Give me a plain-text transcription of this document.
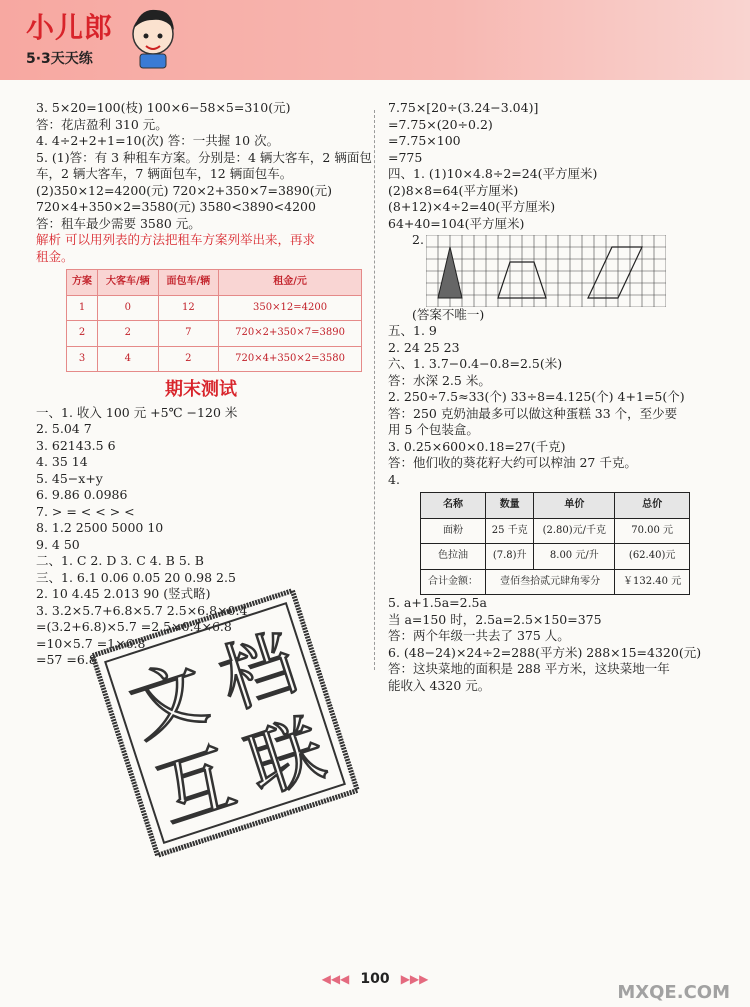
小儿郎
5·3天天练
3. 5×20=100(枝) 100×6−58×5=310(元)
答：花店盈利 310 元。
4. 4÷2+2+1=10(次) 答：一共握 10 次。
5. (1)答：有 3 种租车方案。分别是：4 辆大客车，2 辆面包
车，2 辆大客车，7 辆面包车，12 辆面包车。
(2)350×12=4200(元) 720×2+350×7=3890(元)
720×4+350×2=3580(元) 3580<3890<4200
答：租车最少需要 3580 元。
解析 可以用列表的方法把租车方案列举出来，再求
租金。
方案	大客车/辆	面包车/辆	租金/元
1	0	12	350×12=4200
2	2	7	720×2+350×7=3890
3	4	2	720×4+350×2=3580
期末测试
一、1. 收入 100 元 +5℃ −120 米
2. 5.04 7
3. 62143.5 6
4. 35 14
5. 45−x+y
6. 9.86 0.0986
7. > = < < > <
8. 1.2 2500 5000 10
9. 4 50
二、1. C 2. D 3. C 4. B 5. B
三、1. 6.1 0.06 0.05 20 0.98 2.5
2. 10 4.45 2.013 90 (竖式略)
3. 3.2×5.7+6.8×5.7 2.5×6.8×0.4
=(3.2+6.8)×5.7 =2.5×0.4×6.8
=10×5.7 =1×6.8
=57 =6.8
7.75×[20÷(3.24−3.04)]
=7.75×(20÷0.2)
=7.75×100
=775
四、1. (1)10×4.8÷2=24(平方厘米)
(2)8×8=64(平方厘米)
(8+12)×4÷2=40(平方厘米)
64+40=104(平方厘米)
2.
(答案不唯一)
五、1. 9
2. 24 25 23
六、1. 3.7−0.4−0.8=2.5(米)
答：水深 2.5 米。
2. 250÷7.5≈33(个) 33÷8=4.125(个) 4+1=5(个)
答：250 克奶油最多可以做这种蛋糕 33 个，至少要
用 5 个包装盒。
3. 0.25×600×0.18=27(千克)
答：他们收的葵花籽大约可以榨油 27 千克。
4.
名称	数量	单价	总价
面粉	25 千克	(2.80)元/千克	70.00 元
色拉油	(7.8)升	8.00 元/升	(62.40)元
合计金额：	壹佰叁拾贰元肆角零分		￥132.40 元
5. a+1.5a=2.5a
当 a=150 时，2.5a=2.5×150=375
答：两个年级一共去了 375 人。
6. (48−24)×24÷2=288(平方米) 288×15=4320(元)
答：这块菜地的面积是 288 平方米，这块菜地一年
能收入 4320 元。
文
档
互
联
◀◀◀ 100 ▶▶▶
MXQE.COM
